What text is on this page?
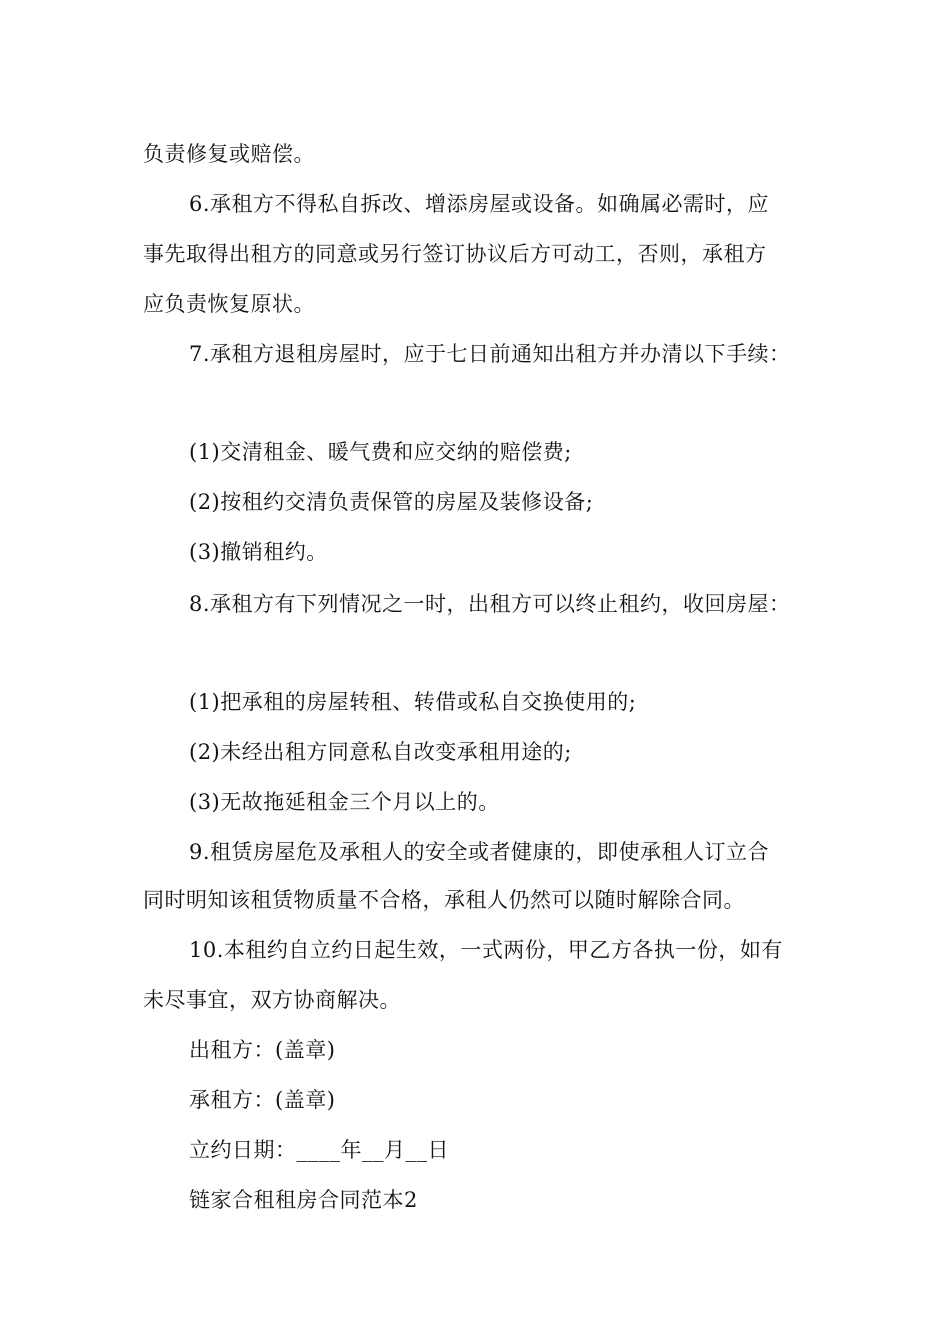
负责修复或赔偿。
6.承租方不得私自拆改、增添房屋或设备。如确属必需时，应
事先取得出租方的同意或另行签订协议后方可动工，否则，承租方
应负责恢复原状。
7.承租方退租房屋时，应于七日前通知出租方并办清以下手续：
(1)交清租金、暖气费和应交纳的赔偿费;
(2)按租约交清负责保管的房屋及装修设备;
(3)撤销租约。
8.承租方有下列情况之一时，出租方可以终止租约，收回房屋：
(1)把承租的房屋转租、转借或私自交换使用的;
(2)未经出租方同意私自改变承租用途的;
(3)无故拖延租金三个月以上的。
9.租赁房屋危及承租人的安全或者健康的，即使承租人订立合
同时明知该租赁物质量不合格，承租人仍然可以随时解除合同。
10.本租约自立约日起生效，一式两份，甲乙方各执一份，如有
未尽事宜，双方协商解决。
出租方：(盖章)
承租方：(盖章)
立约日期：____年__月__日
链家合租租房合同范本2
